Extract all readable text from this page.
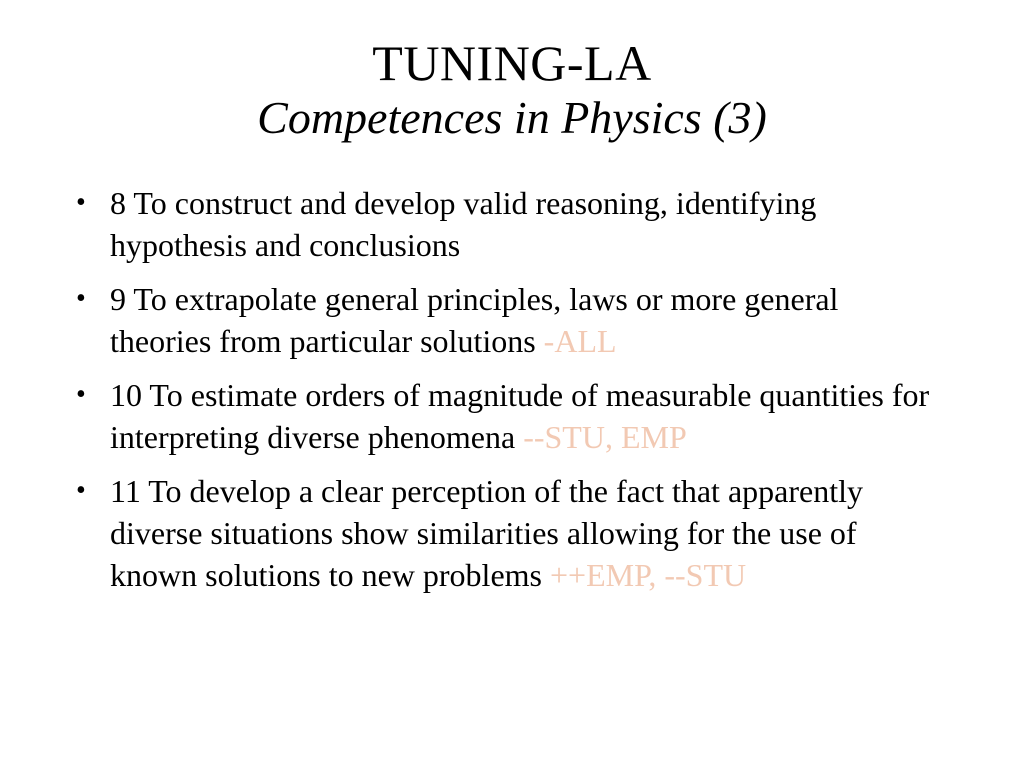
TUNING-LA
Competences in Physics (3)
• 8 To construct and develop valid reasoning, identifying hypothesis and conclusions
• 9 To extrapolate general principles, laws or more general theories from particular solutions -ALL
• 10 To estimate orders of magnitude of measurable quantities for interpreting diverse phenomena --STU, EMP
• 11 To develop a clear perception of the fact that apparently diverse situations show similarities allowing for the use of known solutions to new problems ++EMP, --STU
